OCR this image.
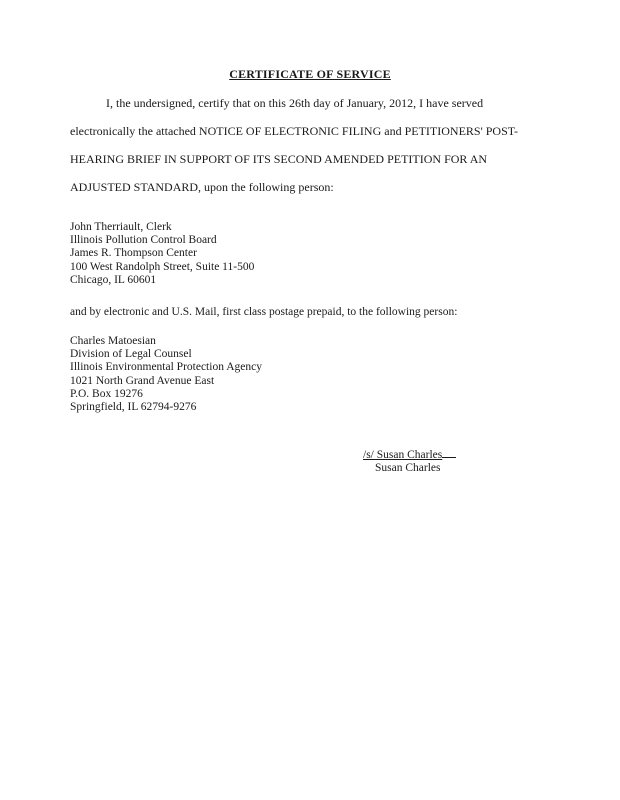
CERTIFICATE OF SERVICE
I, the undersigned, certify that on this 26th day of January, 2012, I have served
electronically the attached NOTICE OF ELECTRONIC FILING and PETITIONERS' POST-
HEARING BRIEF IN SUPPORT OF ITS SECOND AMENDED PETITION FOR AN
ADJUSTED STANDARD, upon the following person:
John Therriault, Clerk
Illinois Pollution Control Board
James R. Thompson Center
100 West Randolph Street, Suite 11-500
Chicago, IL 60601
and by electronic and U.S. Mail, first class postage prepaid, to the following person:
Charles Matoesian
Division of Legal Counsel
Illinois Environmental Protection Agency
1021 North Grand Avenue East
P.O. Box 19276
Springfield, IL 62794-9276
/s/ Susan Charles
Susan Charles
